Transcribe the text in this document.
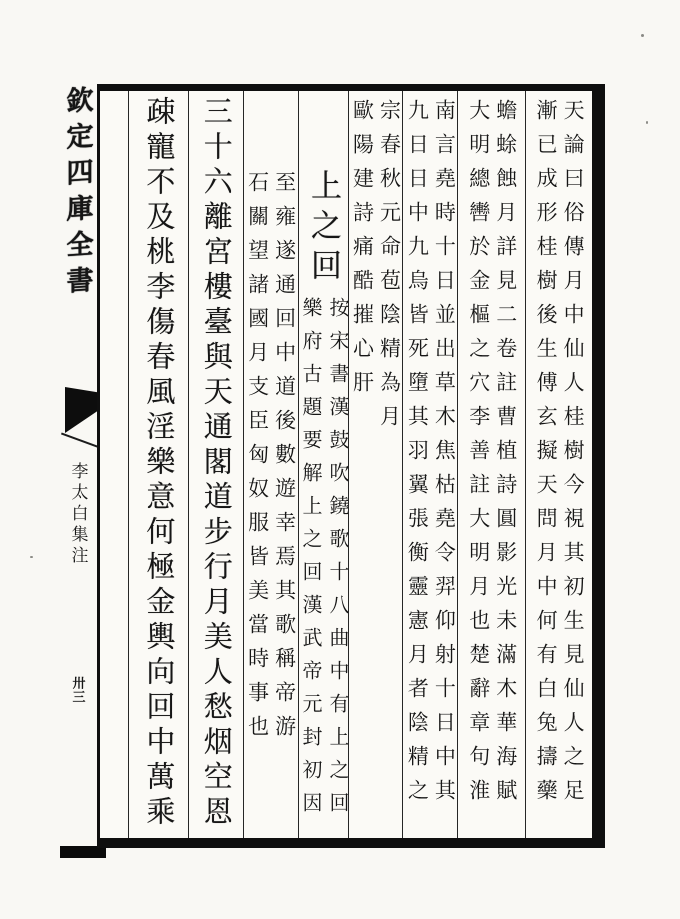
欽定四庫全書
李太白集注
卅三 疎寵不及桃李傷春風淫樂意何極金輿向回中萬乘 三十六離宮樓臺與天通閣道步行月美人愁烟空恩 至雍遂通回中道後數遊幸焉其歌稱帝游
石關望諸國月支臣匈奴服皆美當時事也 上之回
按宋書漢鼓吹鐃歌十八曲中有上之回
樂府古題要解上之回漢武帝元封初因
宗春秋元命苞陰精為月
歐陽建詩痛酷摧心肝	南言堯時十日並出草木焦枯堯令羿仰射十日中其
九日日中九烏皆死墮其羽翼張衡靈憲月者陰精之	蟾蜍蝕月詳見二卷註曹植詩圓影光未滿木華海賦
大明總轡於金樞之穴李善註大明月也楚辭章句淮	天論曰俗傳月中仙人桂樹今視其初生見仙人之足
漸已成形桂樹後生傅玄擬天問月中何有白兔擣藥
